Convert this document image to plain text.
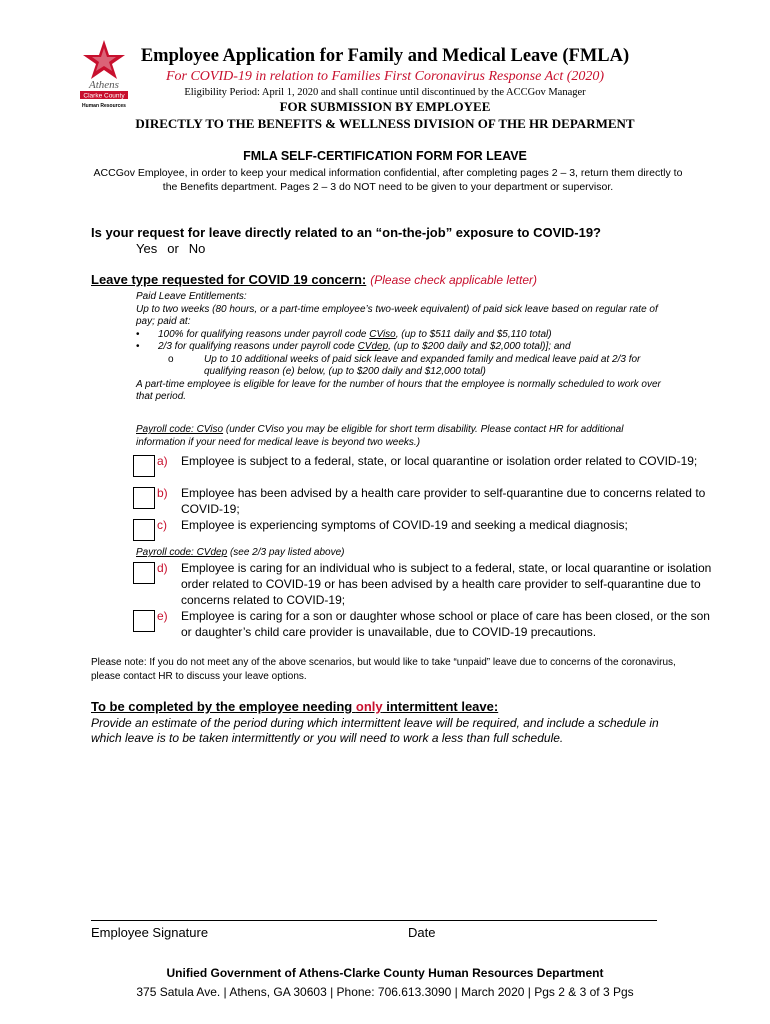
Athens
Clarke County
Human Resources
Employee Application for Family and Medical Leave (FMLA)
For COVID-19 in relation to Families First Coronavirus Response Act (2020)
Eligibility Period: April 1, 2020 and shall continue until discontinued by the ACCGov Manager
FOR SUBMISSION BY EMPLOYEE
DIRECTLY TO THE BENEFITS & WELLNESS DIVISION OF THE HR DEPARMENT
FMLA SELF-CERTIFICATION FORM FOR LEAVE
ACCGov Employee, in order to keep your medical information confidential, after completing pages 2 – 3, return them directly to the Benefits department. Pages 2 – 3 do NOT need to be given to your department or supervisor.
Is your request for leave directly related to an “on-the-job” exposure to COVID-19?
Yes or No
Leave type requested for COVID 19 concern: (Please check applicable letter)
Paid Leave Entitlements:
Up to two weeks (80 hours, or a part-time employee’s two-week equivalent) of paid sick leave based on regular rate of pay; paid at:
• 100% for qualifying reasons under payroll code CViso, (up to $511 daily and $5,110 total)
• 2/3 for qualifying reasons under payroll code CVdep, (up to $200 daily and $2,000 total)]; and
o	Up to 10 additional weeks of paid sick leave and expanded family and medical leave paid at 2/3 for qualifying reason (e) below, (up to $200 daily and $12,000 total)
A part-time employee is eligible for leave for the number of hours that the employee is normally scheduled to work over that period.
Payroll code: CViso (under CViso you may be eligible for short term disability. Please contact HR for additional information if your need for medical leave is beyond two weeks.)
a) Employee is subject to a federal, state, or local quarantine or isolation order related to COVID-19;
b) Employee has been advised by a health care provider to self-quarantine due to concerns related to COVID-19;
c) Employee is experiencing symptoms of COVID-19 and seeking a medical diagnosis;
Payroll code: CVdep (see 2/3 pay listed above)
d) Employee is caring for an individual who is subject to a federal, state, or local quarantine or isolation order related to COVID-19 or has been advised by a health care provider to self-quarantine due to concerns related to COVID-19;
e) Employee is caring for a son or daughter whose school or place of care has been closed, or the son or daughter’s child care provider is unavailable, due to COVID-19 precautions.
Please note: If you do not meet any of the above scenarios, but would like to take “unpaid” leave due to concerns of the coronavirus, please contact HR to discuss your leave options.
To be completed by the employee needing only intermittent leave:
Provide an estimate of the period during which intermittent leave will be required, and include a schedule in which leave is to be taken intermittently or you will need to work a less than full schedule.
Employee Signature	Date
Unified Government of Athens-Clarke County Human Resources Department
375 Satula Ave. | Athens, GA 30603 | Phone: 706.613.3090 | March 2020 | Pgs 2 & 3 of 3 Pgs
